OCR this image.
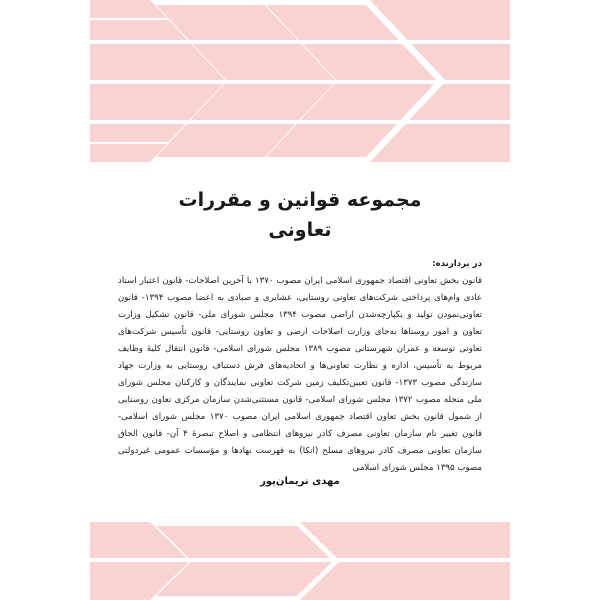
مجموعه قوانین و مقررات

تعاونی

در بردارنده:

قانون بخش تعاونی اقتصاد جمهوری اسلامی ایران مصوب ۱۳۷۰ با آخرین اصلاحات- قانون اعتبار اسناد عادی وام‌های پرداختی شرکت‌های تعاونی روستایی، عشایری و صیادی به اعضا مصوب ۱۳۹۴- قانون تعاونی‌نمودن تولید و یکپارچه‌شدن اراضی مصوب ۱۳۹۴ مجلس شورای ملی- قانون تشکیل وزارت تعاون و امور روستاها به‌جای وزارت اصلاحات ارضی و تعاون روستایی- قانون تأسیس شرکت‌های تعاونی توسعه و عمران شهرستانی مصوب ۱۳۸۹ مجلس شورای اسلامی- قانون انتقال کلیهٔ وظایف مربوط به تأسیس، اداره و نظارت تعاونی‌ها و اتحادیه‌های فرش دستباف روستایی به وزارت جهاد سازندگی مصوب ۱۳۷۳- قانون تعیین‌تکلیف زمین شرکت تعاونی نمایندگان و کارکنان مجلس شورای ملی منحله مصوب ۱۳۷۲ مجلس شورای اسلامی- قانون مستثنی‌شدن سازمان مرکزی تعاون روستایی از شمول قانون بخش تعاون اقتصاد جمهوری اسلامی ایران مصوب ۱۳۷۰ مجلس شورای اسلامی- قانون تغییر نام سازمان تعاونی مصرف کادر نیروهای انتظامی و اصلاح تبصرهٔ ۴ آن- قانون الحاق سازمان تعاونی مصرف کادر نیروهای مسلح (اتکا) به فهرست نهادها و مؤسسات عمومی غیردولتی مصوب ۱۳۹۵ مجلس شورای اسلامی

مهدی نریمان‌پور
